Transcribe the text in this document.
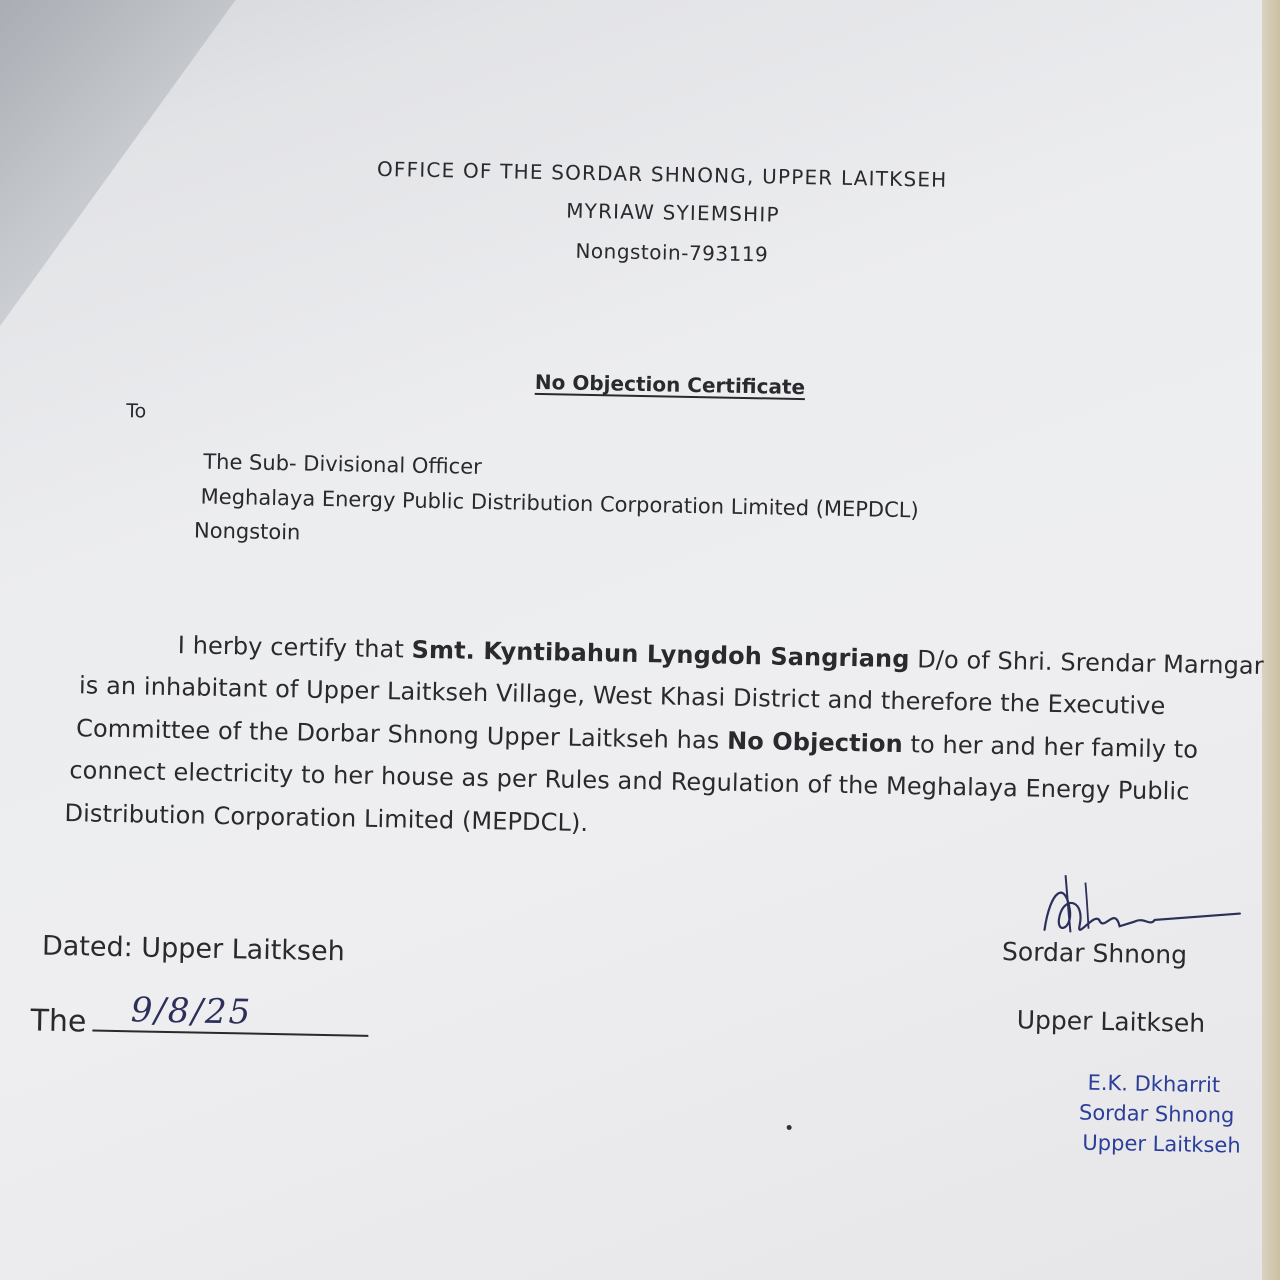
OFFICE OF THE SORDAR SHNONG, UPPER LAITKSEH
MYRIAW SYIEMSHIP
Nongstoin-793119
No Objection Certificate
To
The Sub- Divisional Officer
Meghalaya Energy Public Distribution Corporation Limited (MEPDCL)
Nongstoin
I herby certify that Smt. Kyntibahun Lyngdoh Sangriang D/o of Shri. Srendar Marngar
is an inhabitant of Upper Laitkseh Village, West Khasi District and therefore the Executive
Committee of the Dorbar Shnong Upper Laitkseh has No Objection to her and her family to
connect electricity to her house as per Rules and Regulation of the Meghalaya Energy Public
Distribution Corporation Limited (MEPDCL).
Dated: Upper Laitkseh
The 9/8/25
Sordar Shnong
Upper Laitkseh
E.K. Dkharrit
Sordar Shnong
Upper Laitkseh
